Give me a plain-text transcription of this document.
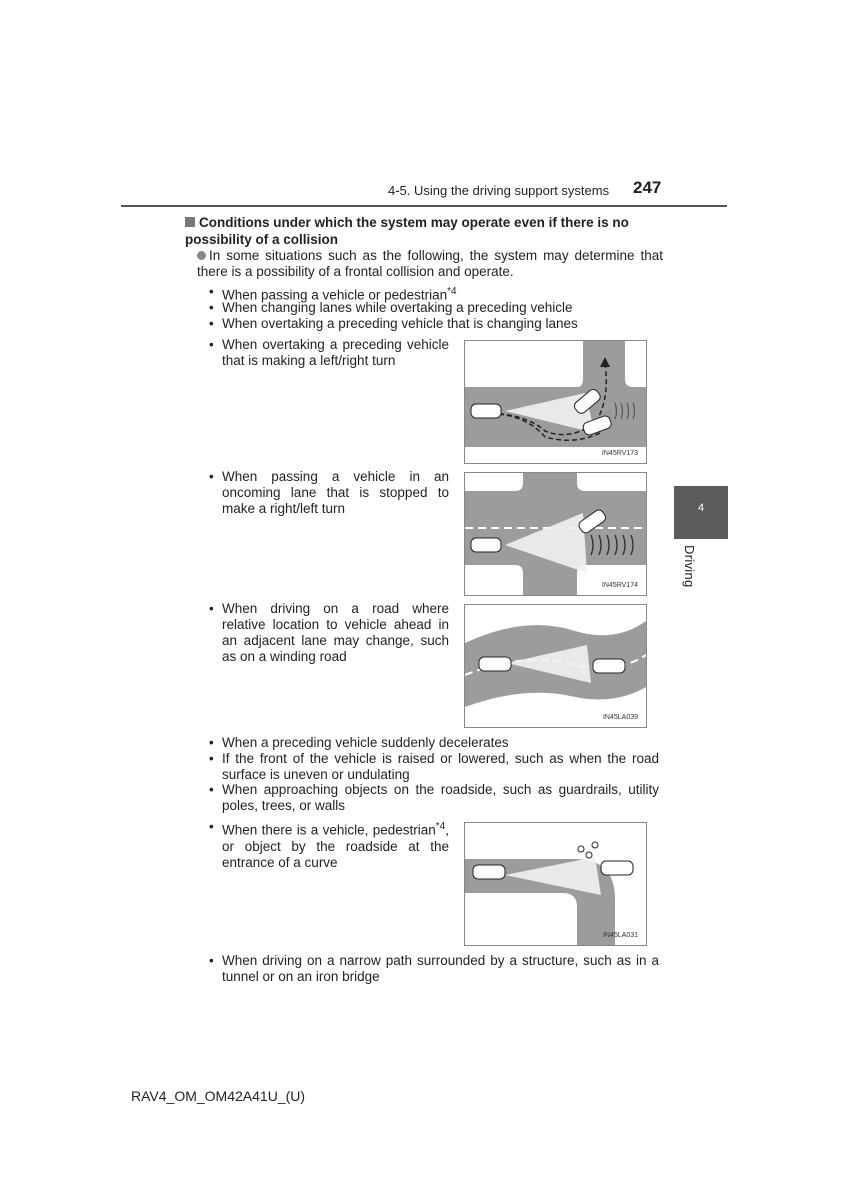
4-5. Using the driving support systems 247
4
Driving
Conditions under which the system may operate even if there is no possibility of a collision
In some situations such as the following, the system may determine that there is a possibility of a frontal collision and operate.
• When passing a vehicle or pedestrian$^{*4}$
• When changing lanes while overtaking a preceding vehicle
• When overtaking a preceding vehicle that is changing lanes
• When overtaking a preceding vehicle that is making a left/right turn
• When passing a vehicle in an oncoming lane that is stopped to make a right/left turn
• When driving on a road where relative location to vehicle ahead in an adjacent lane may change, such as on a winding road
• When a preceding vehicle suddenly decelerates
• If the front of the vehicle is raised or lowered, such as when the road surface is uneven or undulating
• When approaching objects on the roadside, such as guardrails, utility poles, trees, or walls
• When there is a vehicle, pedestrian$^{*4}$, or object by the roadside at the entrance of a curve
• When driving on a narrow path surrounded by a structure, such as in a tunnel or on an iron bridge
IN45RV173
IN45RV174
IN45LA039
IN45LA031
RAV4_OM_OM42A41U_(U)
